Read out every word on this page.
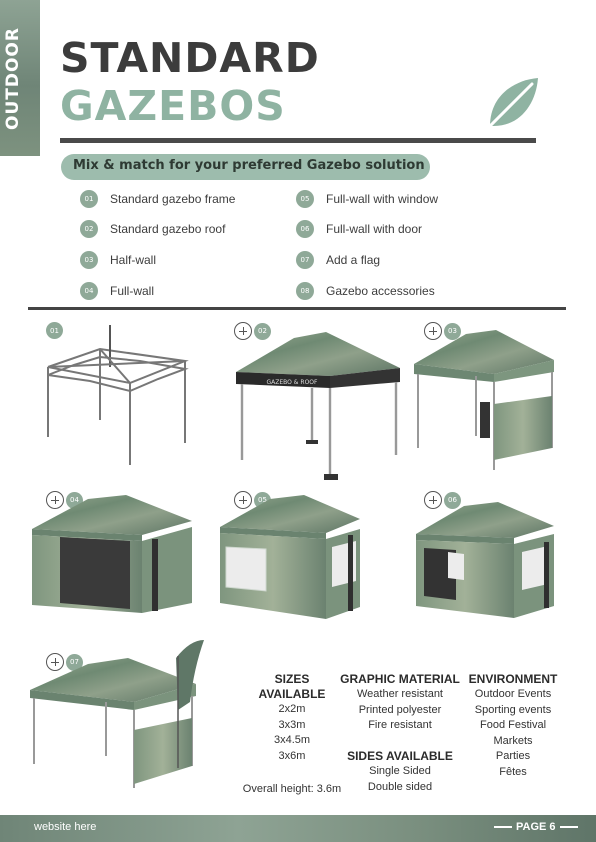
OUTDOOR STANDARD
GAZEBOS
Mix & match for your preferred Gazebo solution
01	Standard gazebo frame
02	Standard gazebo roof
03	Half-wall
04	Full-wall
05	Full-wall with window
06	Full-wall with door
07	Add a flag
08	Gazebo accessories
01	02
GAZEBO & ROOF
03
04	05	06
07
SIZES
AVAILABLE
2x2m
3x3m
3x4.5m
3x6m
Overall height: 3.6m
GRAPHIC MATERIAL
Weather resistant
Printed polyester
Fire resistant
SIDES AVAILABLE
Single Sided
Double sided
ENVIRONMENT
Outdoor Events
Sporting events
Food Festival
Markets
Parties
Fêtes
website here	PAGE 6
